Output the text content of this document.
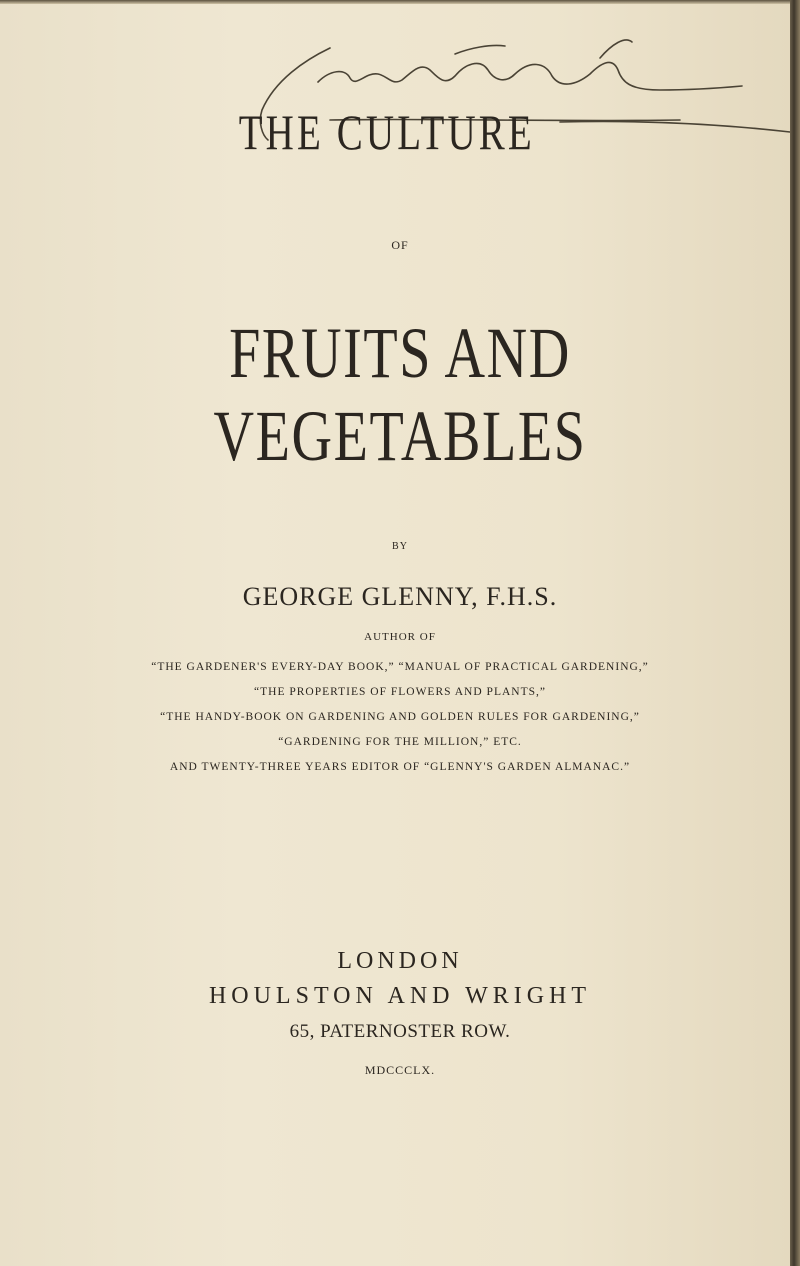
THE CULTURE
OF
FRUITS AND VEGETABLES
BY
GEORGE GLENNY, F.H.S.
AUTHOR OF
“THE GARDENER'S EVERY-DAY BOOK,” “MANUAL OF PRACTICAL GARDENING,”
“THE PROPERTIES OF FLOWERS AND PLANTS,”
“THE HANDY-BOOK ON GARDENING AND GOLDEN RULES FOR GARDENING,”
“GARDENING FOR THE MILLION,” ETC.
AND TWENTY-THREE YEARS EDITOR OF “GLENNY'S GARDEN ALMANAC.”
LONDON
HOULSTON AND WRIGHT
65, PATERNOSTER ROW.
MDCCCLX.
